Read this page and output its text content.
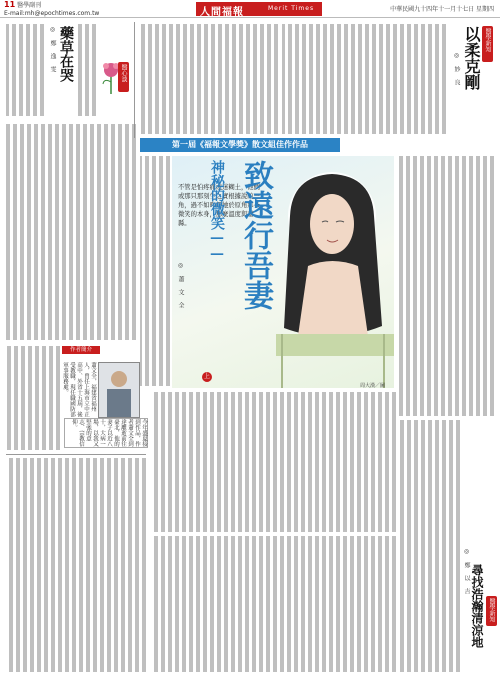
11 醫學副刊
E-mail:mh@epochtimes.com.tw	人間福報	Merit Times	中華民國九十四年十一月十七日 星期四
醫學新知
以柔克剛
◎ 妙 良
◎ 鄭 逸 雯 藥草在哭	醫心談
第一屆《福報文學獎》散文組佳作作品
不管是怕疼痛或迷糊土，他們或那只那刻生之實根據說的一角，過不如昨經她於原角那朵微笑的本身，那麼溫度與蕭縣。	致遠行吾妻
神秘的微笑——
上
◎ 蕭 文 全
周大漢／圖
作者簡介
蕭文全，福建省福州人，曾任上海市立中正高中、外省十五屆，後受教職，現任職國防部軍事服務處。
今年盛夏接到作品，作者蕭文全到達離逝前往臺北，他的妻子以近八十，大病一場，以我又堅強的意志、宗教信仰。
◎ 鄭 以 吉 尋找浩瀚清涼地 醫學新知
